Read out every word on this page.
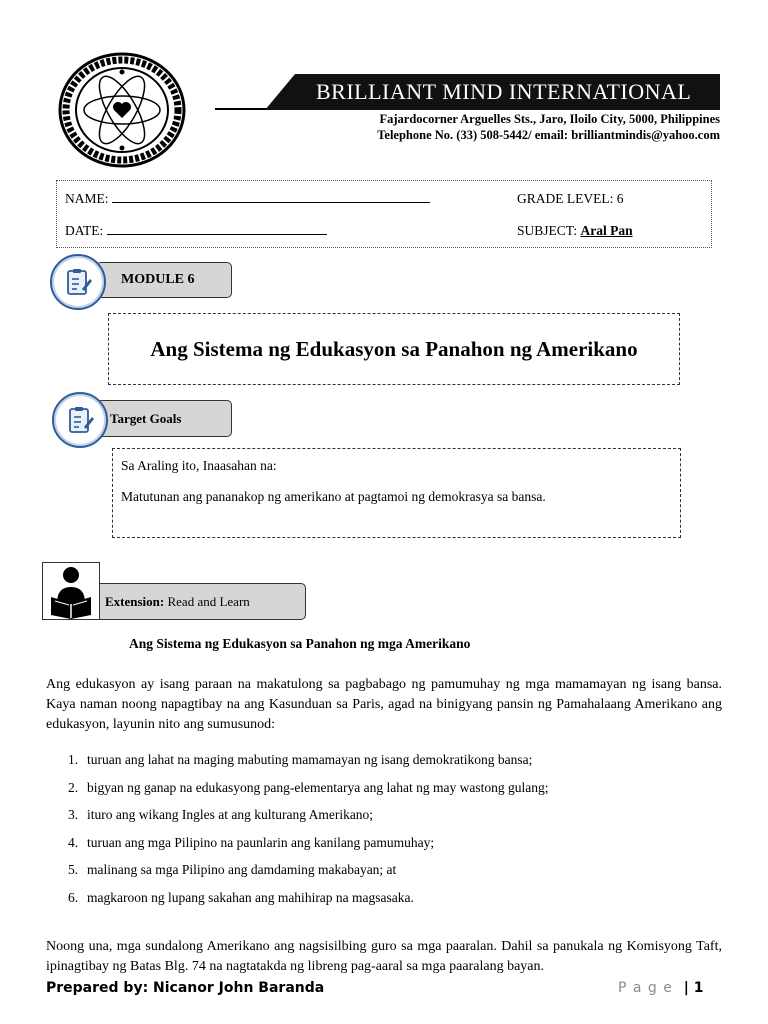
BRILLIANT MIND INTERNATIONAL
Fajardocorner Arguelles Sts., Jaro, Iloilo City, 5000, Philippines
Telephone No. (33) 508-5442/ email: brilliantmindis@yahoo.com
NAME:
DATE:
GRADE LEVEL: 6
SUBJECT: Aral Pan
MODULE 6
Ang Sistema ng Edukasyon sa Panahon ng Amerikano
Target Goals
Sa Araling ito, Inaasahan na:
Matutunan ang pananakop ng amerikano at pagtamoi ng demokrasya sa bansa.
Extension: Read and Learn
Ang Sistema ng Edukasyon sa Panahon ng mga Amerikano
Ang edukasyon ay isang paraan na makatulong sa pagbabago ng pamumuhay ng mga mamamayan ng isang bansa. Kaya naman noong napagtibay na ang Kasunduan sa Paris, agad na binigyang pansin ng Pamahalaang Amerikano ang edukasyon, layunin nito ang sumusunod:
1. turuan ang lahat na maging mabuting mamamayan ng isang demokratikong bansa;
2. bigyan ng ganap na edukasyong pang-elementarya ang lahat ng may wastong gulang;
3. ituro ang wikang Ingles at ang kulturang Amerikano;
4. turuan ang mga Pilipino na paunlarin ang kanilang pamumuhay;
5. malinang sa mga Pilipino ang damdaming makabayan; at
6. magkaroon ng lupang sakahan ang mahihirap na magsasaka.
Noong una, mga sundalong Amerikano ang nagsisilbing guro sa mga paaralan. Dahil sa panukala ng Komisyong Taft, ipinagtibay ng Batas Blg. 74 na nagtatakda ng libreng pag-aaral sa mga paaralang bayan.
Prepared by: Nicanor John Baranda	P a g e | 1
